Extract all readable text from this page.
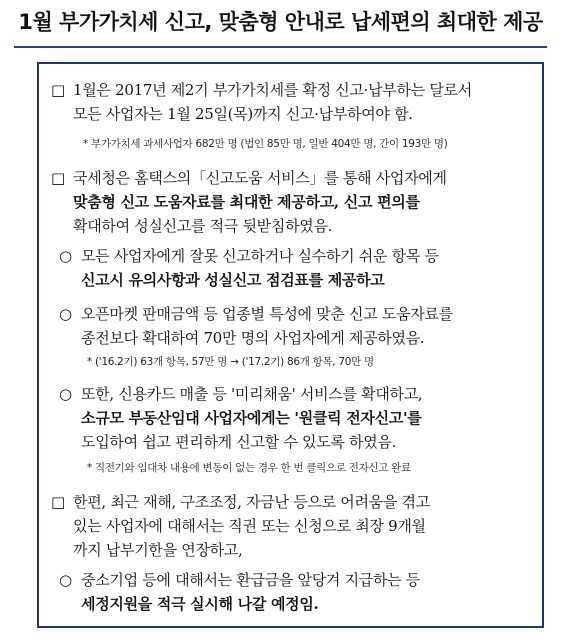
1월 부가가치세 신고, 맞춤형 안내로 납세편의 최대한 제공
□ 1월은 2017년 제2기 부가가치세를 확정 신고·납부하는 달로서
모든 사업자는 1월 25일(목)까지 신고·납부하여야 함.
* 부가가치세 과세사업자 682만 명 (법인 85만 명, 일반 404만 명, 간이 193만 명)
□ 국세청은 홈택스의「신고도움 서비스」를 통해 사업자에게
맞춤형 신고 도움자료를 최대한 제공하고, 신고 편의를
확대하여 성실신고를 적극 뒷받침하였음.
○ 모든 사업자에게 잘못 신고하거나 실수하기 쉬운 항목 등
신고시 유의사항과 성실신고 점검표를 제공하고
○ 오픈마켓 판매금액 등 업종별 특성에 맞춘 신고 도움자료를
종전보다 확대하여 70만 명의 사업자에게 제공하였음.
* ('16.2기) 63개 항목, 57만 명 → ('17.2기) 86개 항목, 70만 명
○ 또한, 신용카드 매출 등 '미리채움' 서비스를 확대하고,
소규모 부동산임대 사업자에게는 '원클릭 전자신고'를
도입하여 쉽고 편리하게 신고할 수 있도록 하였음.
* 직전기와 임대차 내용에 변동이 없는 경우 한 번 클릭으로 전자신고 완료
□ 한편, 최근 재해, 구조조정, 자금난 등으로 어려움을 겪고
있는 사업자에 대해서는 직권 또는 신청으로 최장 9개월
까지 납부기한을 연장하고,
○ 중소기업 등에 대해서는 환급금을 앞당겨 지급하는 등
세정지원을 적극 실시해 나갈 예정임.
